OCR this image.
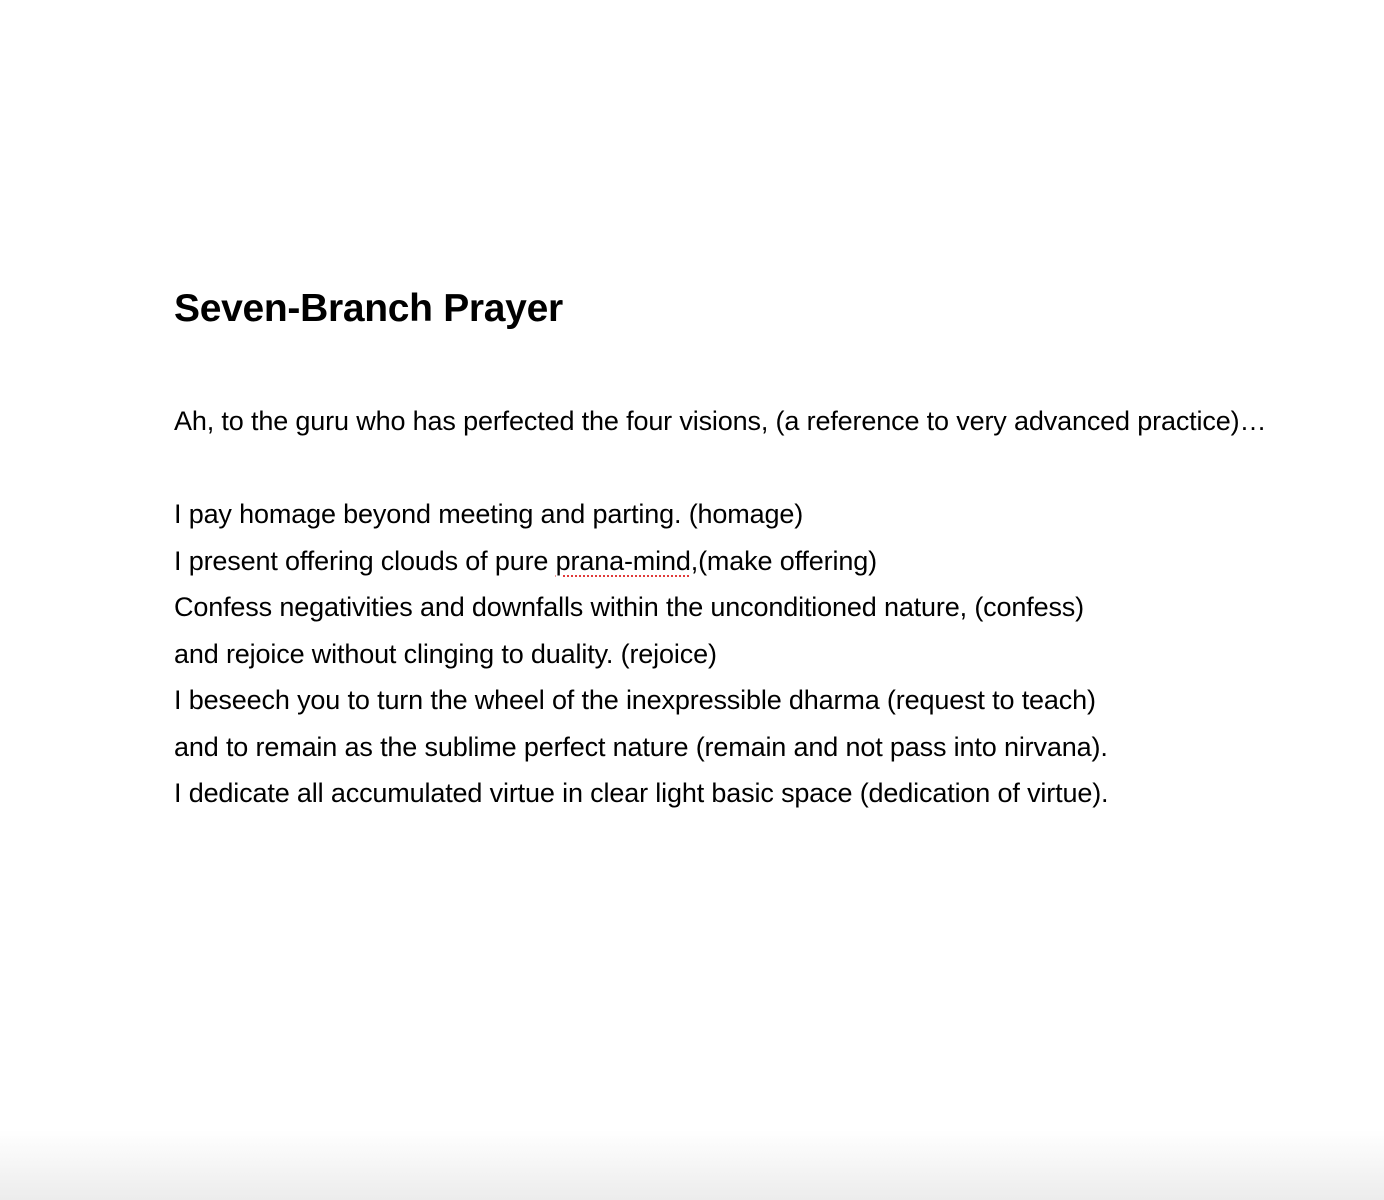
Seven-Branch Prayer

Ah, to the guru who has perfected the four visions, (a reference to very advanced practice)…

I pay homage beyond meeting and parting. (homage)
I present offering clouds of pure prana-mind,(make offering)
Confess negativities and downfalls within the unconditioned nature, (confess)
and rejoice without clinging to duality. (rejoice)
I beseech you to turn the wheel of the inexpressible dharma (request to teach)
and to remain as the sublime perfect nature (remain and not pass into nirvana).
I dedicate all accumulated virtue in clear light basic space (dedication of virtue).
